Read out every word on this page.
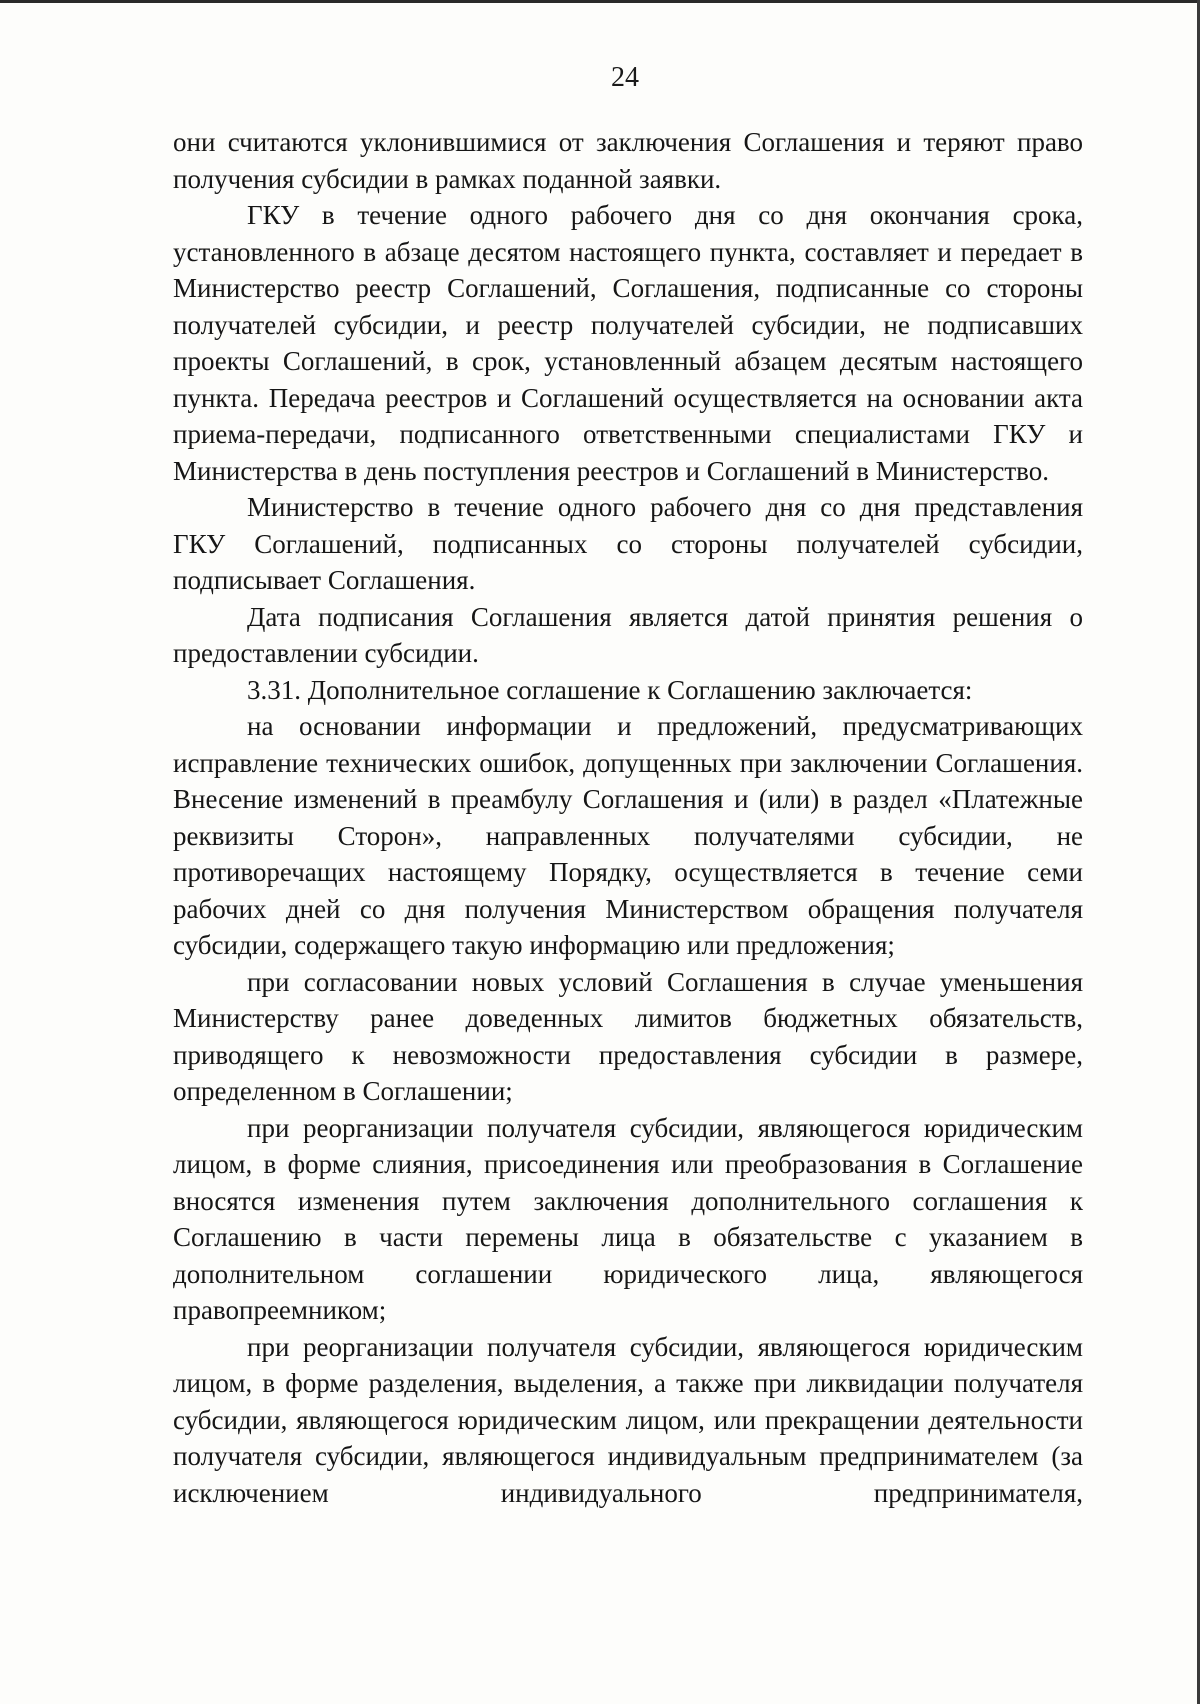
24

они считаются уклонившимися от заключения Соглашения и теряют право получения субсидии в рамках поданной заявки.

ГКУ в течение одного рабочего дня со дня окончания срока, установленного в абзаце десятом настоящего пункта, составляет и передает в Министерство реестр Соглашений, Соглашения, подписанные со стороны получателей субсидии, и реестр получателей субсидии, не подписавших проекты Соглашений, в срок, установленный абзацем десятым настоящего пункта. Передача реестров и Соглашений осуществляется на основании акта приема-передачи, подписанного ответственными специалистами ГКУ и Министерства в день поступления реестров и Соглашений в Министерство.

Министерство в течение одного рабочего дня со дня представления ГКУ Соглашений, подписанных со стороны получателей субсидии, подписывает Соглашения.

Дата подписания Соглашения является датой принятия решения о предоставлении субсидии.

3.31. Дополнительное соглашение к Соглашению заключается:

на основании информации и предложений, предусматривающих исправление технических ошибок, допущенных при заключении Соглашения. Внесение изменений в преамбулу Соглашения и (или) в раздел «Платежные реквизиты Сторон», направленных получателями субсидии, не противоречащих настоящему Порядку, осуществляется в течение семи рабочих дней со дня получения Министерством обращения получателя субсидии, содержащего такую информацию или предложения;

при согласовании новых условий Соглашения в случае уменьшения Министерству ранее доведенных лимитов бюджетных обязательств, приводящего к невозможности предоставления субсидии в размере, определенном в Соглашении;

при реорганизации получателя субсидии, являющегося юридическим лицом, в форме слияния, присоединения или преобразования в Соглашение вносятся изменения путем заключения дополнительного соглашения к Соглашению в части перемены лица в обязательстве с указанием в дополнительном соглашении юридического лица, являющегося правопреемником;

при реорганизации получателя субсидии, являющегося юридическим лицом, в форме разделения, выделения, а также при ликвидации получателя субсидии, являющегося юридическим лицом, или прекращении деятельности получателя субсидии, являющегося индивидуальным предпринимателем (за исключением индивидуального предпринимателя,
